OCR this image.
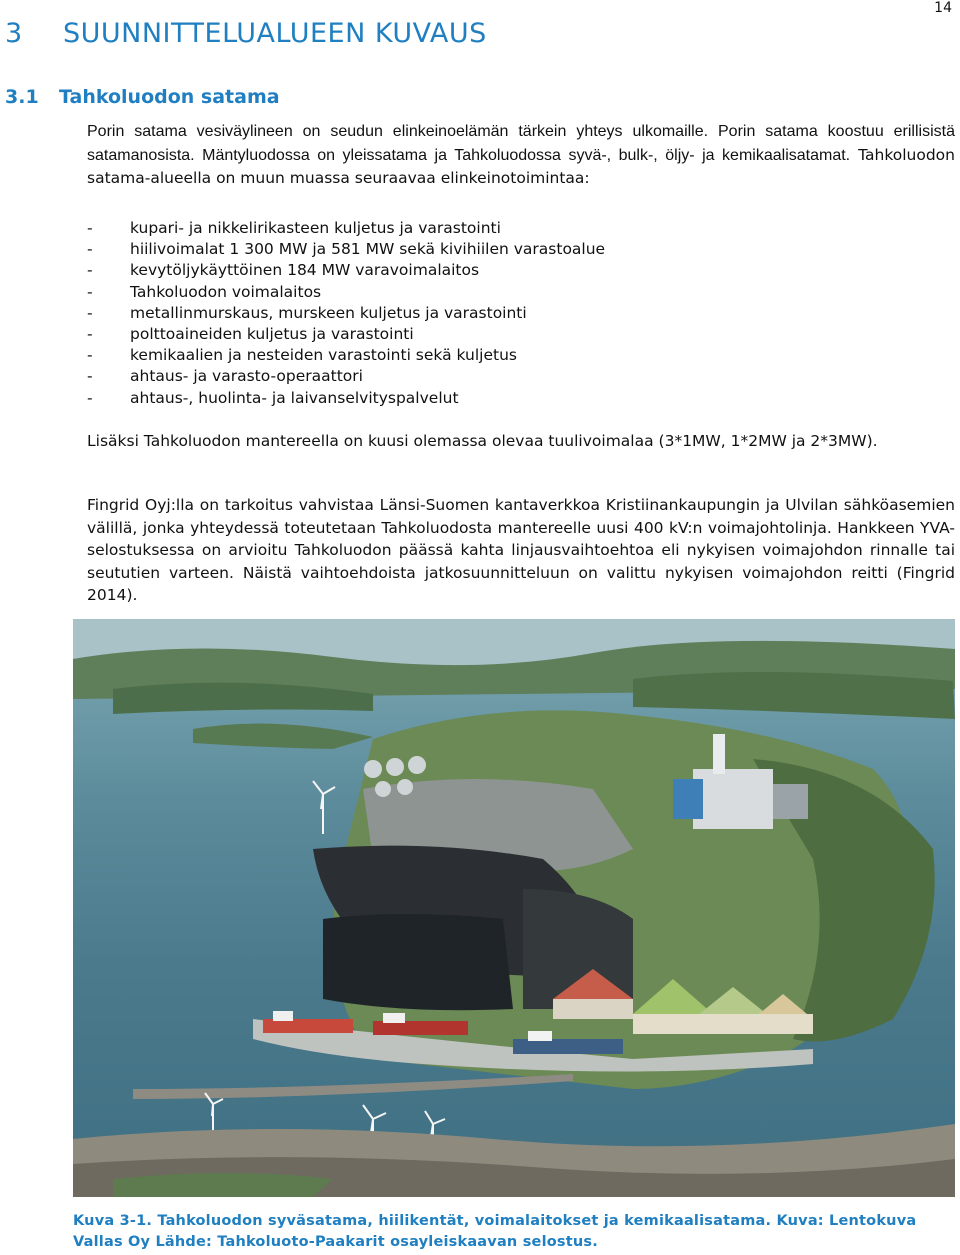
14
3 SUUNNITTELUALUEEN KUVAUS
3.1 Tahkoluodon satama
Porin satama vesiväylineen on seudun elinkeinoelämän tärkein yhteys ulkomaille. Porin satama koostuu erillisistä satamanosista. Mäntyluodossa on yleissatama ja Tahkoluodossa syvä-, bulk-, öljy- ja kemikaalisatamat. Tahkoluodon satama-alueella on muun muassa seuraavaa elinkeinotoimintaa:
- kupari- ja nikkelirikasteen kuljetus ja varastointi
- hiilivoimalat 1 300 MW ja 581 MW sekä kivihiilen varastoalue
- kevytöljykäyttöinen 184 MW varavoimalaitos
- Tahkoluodon voimalaitos
- metallinmurskaus, murskeen kuljetus ja varastointi
- polttoaineiden kuljetus ja varastointi
- kemikaalien ja nesteiden varastointi sekä kuljetus
- ahtaus- ja varasto-operaattori
- ahtaus-, huolinta- ja laivanselvityspalvelut
Lisäksi Tahkoluodon mantereella on kuusi olemassa olevaa tuulivoimalaa (3*1MW, 1*2MW ja 2*3MW).
Fingrid Oyj:lla on tarkoitus vahvistaa Länsi-Suomen kantaverkkoa Kristiinankaupungin ja Ulvilan sähköasemien välillä, jonka yhteydessä toteutetaan Tahkoluodosta mantereelle uusi 400 kV:n voimajohtolinja. Hankkeen YVA-selostuksessa on arvioitu Tahkoluodon päässä kahta linjausvaihtoehtoa eli nykyisen voimajohdon rinnalle tai seututien varteen. Näistä vaihtoehdoista jatkosuunnitteluun on valittu nykyisen voimajohdon reitti (Fingrid 2014).
Kuva 3-1. Tahkoluodon syväsatama, hiilikentät, voimalaitokset ja kemikaalisatama. Kuva: Lentokuva Vallas Oy Lähde: Tahkoluoto-Paakarit osayleiskaavan selostus.
